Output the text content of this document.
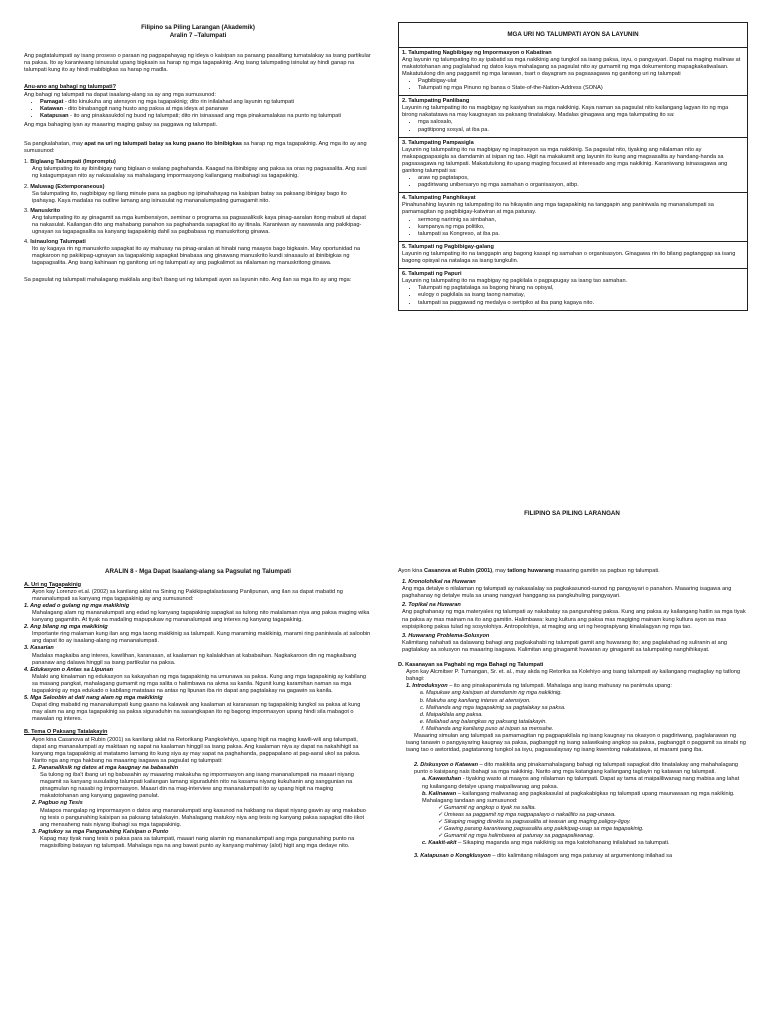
Filipino sa Piling Larangan (Akademik)
Aralin 7 –Talumpati

Ang pagtatalumpati ay isang proseso o paraan ng pagpapahayag ng ideya o kaisipan sa paraang pasalitang tumatalakay sa isang partikular na paksa. Ito ay karaniwang isinusulat upang bigkasin sa harap ng mga tagapakinig. Ang isang talumpating isinulat ay hindi ganap na talumpati kung ito ay hindi mabibigkas sa harap ng madla.

Anu-ano ang bahagi ng talumpati?

Ang bahagi ng talumpati na dapat isaalang-alang sa ay ang mga sumusunod:

• Pamagat - dito kinukuha ang atensyon ng mga tagapakinig; dito rin inilalahad ang layunin ng talumpati
• Katawan - dito binabanggit nang husto ang paksa at mga ideya at pananaw
• Katapusan - ito ang pinakasukdol ng buod ng talumpati; dito rin isinasaad ang mga pinakamalakas na punto ng talumpati

Ang mga bahaging iyan ay maaaring maging gabay sa paggawa ng talumpati.

Sa pangkalahatan, may apat na uri ng talumpati batay sa kung paano ito binibigkas sa harap ng mga tagapakinig. Ang mga ito ay ang sumusunod:

1. Biglaang Talumpati (Impromptu)
Ang talumpating ito ay ibinibigay nang biglaan o walang paghahanda. Kaagad na ibinibigay ang paksa sa oras ng pagsasalita. Ang susi ng katagumpayan nito ay nakasalalay sa mahalagang impormasyong kailangang maibahagi sa tagapakinig.
2. Maluwag (Extemporaneous)
Sa talumpating ito, nagbibigay ng ilang minute para sa pagbuo ng ipinahahayag na kaisipan batay sa paksang ibinigay bago ito ipahayag. Kaya madalas na outline lamang ang isinusulat ng mananalumpating gumagamit nito.
3. Manuskrito
Ang talumpating ito ay ginagamit sa mga kumbensiyon, seminar o programa sa pagsasaliksik kaya pinag-aaralan itong mabuti at dapat na nakasulat. Kailangan dito ang mahabang panahon sa paghahanda sapagkat ito ay itinala. Karaniwan ay nawawala ang pakikipag-ugnayan sa tagapagsalita sa kanyang tagapakinig dahil sa pagbabasa ng manuskritong ginawa.
4. Isinaulong Talumpati
Ito ay kagaya rin ng manuskrito sapagkat ito ay mahusay na pinag-aralan at hinabi nang maayos bago bigkasin. May oportunidad na magkaroon ng pakikipag-ugnayan sa tagapakinig sapagkat binabasa ang ginawang manuskrito kundi sinasaulo at ibinibigkas ng tagapagsalita. Ang isang kahinaan ng ganitong uri ng talumpati ay ang pagkalimot sa nilalaman ng manuskritong ginawa.

Sa pagsulat ng talumpati mahalagang makilala ang iba't ibang uri ng talumpati ayon sa layunin nito. Ang ilan sa mga ito ay ang mga:

MGA URI NG TALUMPATI AYON SA LAYUNIN
1. Talumpating Nagbibigay ng Impormasyon o Kabatiran
Ang layunin ng talumpating ito ay ipabatid sa mga nakikinig ang tungkol sa isang paksa, isyu, o pangyayari. Dapat na maging malinaw at makatotohanan ang paglalahad ng datos kaya mahalagang sa pagsulat nito ay gumamit ng mga dokumentong mapagkakatiwalaan. Makatutulong din ang paggamit ng mga larawan, tsart o dayagram sa pagsasagawa ng ganitong uri ng talumpati
• Pagbibigay-ulat
• Talumpati ng mga Pinuno ng bansa o State-of-the-Nation-Address (SONA)
2. Talumpating Panlibang
Layunin ng talumpating ito na magbigay ng kasiyahan sa mga nakikinig. Kaya naman sa pagsulat nito kailangang lagyan ito ng mga birong nakatatawa na may kaugnayan sa paksang tinatalakay. Madalas ginagawa ang mga talumpating ito sa:
• mga salosalo,
• pagtitipong sosyal, at iba pa.
3. Talumpating Pampasigla
Layunin ng talumpating ito na magbigay ng inspirasyon sa mga nakikinig. Sa pagsulat nito, tiyaking ang nilalaman nito ay makapagpapasigla sa damdamin at isipan ng tao. Higit na makakamit ang layunin ito kung ang magsasalita ay handang-handa sa pagsasagawa ng talumpati. Makatutulong ito upang maging focused at interesado ang mga nakikinig. Karaniwang isinasagawa ang ganitong talumpati sa:
• araw ng pagtatapos,
• pagdiriwang unibersaryo ng mga samahan o organisasyon, atbp.
4. Talumpating Panghikayat
Pinahunahing layunin ng talumpating ito na hikayatin ang mga tagapakinig na tanggapin ang paniniwala ng mananalumpati sa pamamagitan ng pagbibigay-katwiran at mga patunay.
• sermong naririnig sa simbahan,
• kampanya ng mga politiko,
• talumpati sa Kongreso, at iba pa.
5. Talumpati ng Pagbibigay-galang
Layunin ng talumpating ito na tanggapin ang bagong kasapi ng samahan o organisasyon. Ginagawa rin ito bilang pagtanggap sa isang bagong opisyal na natalaga sa isang tungkulin.
6. Talumpati ng Papuri
Layunin ng talumpating ito na magbigay ng pagkilala o pagpupugay sa isang tao samahan.
• Talumpati ng pagtatalaga sa bagong hirang na opisyal,
• eulogy o pagkilala sa isang taong namatay,
• talumpati sa paggawad ng medalya o sertipiko at iba pang kagaya nito.
FILIPINO SA PILING LARANGAN
ARALIN 8 - Mga Dapat Isaalang-alang sa Pagsulat ng Talumpati
A. Uri ng Tagapakinig
Ayon kay Lorenzo et.al. (2002) sa kanilang aklat na Sining ng Pakikipagtalastasang Panlipunan, ang ilan sa dapat mabatid ng mananalumpati sa kanyang mga tagapakinig ay ang sumusunod:
1. Ang edad o gulang ng mga makikinig
Mahalagang alam ng mananalumpati ang edad ng kanyang tagapakinig sapagkat sa tulong nito malalaman niya ang paksa maging wika kanyang gagamitin. At tiyak na madaling mapupukaw ng mananalumpati ang interes ng kanyang tagapakinig.
2. Ang bilang ng mga makikinig
Importante ring malaman kung ilan ang mga taong makikinig sa talumpati. Kung maraming makikinig, marami ring paniniwala at saloobin ang dapat ito ay isaalang-alang ng mananalumpati.
3. Kasarian
Madalas magkaiba ang interes, kawilihan, karanasan, at kaalaman ng kalalakihan at kababaihan. Nagkakaroon din ng magkaibang pananaw ang dalawa hinggil sa isang partikular na paksa.
4. Edukasyon o Antas sa Lipunan
Malaki ang kinalaman ng edukasyon sa kakayahan ng mga tagapakinig na umunawa sa paksa. Kung ang mga tagapakinig ay kabilang sa masang pangkat, mahalagang gumamit ng mga salita o halimbawa na akma sa kanila. Ngunit kung karamihan naman sa mga tagapakinig ay mga edukado o kabilang matataas na antas ng lipunan iba rin dapat ang pagtalakay na gagawin sa kanila.
5. Mga Saloobin at dati nang alam ng mga makikinig
Dapat ding mabatid ng mananalumpati kung gaano na kalawak ang kaalaman at karanasan ng tagapakinig tungkol sa paksa at kung may alam na ang mga tagapakinig sa paksa siguraduhin na sasangkapan ito ng bagong impormasyon upang hindi sila mabagot o mawalan ng interes.
B. Tema O Paksang Tatalakayin
Ayon kina Casanova at Rubin (2001) sa kanilang aklat na Retorikang Pangkolehiyo, upang higit na maging kawili-wili ang talumpati, dapat ang mananalumpati ay makitaan ng sapat na kaalaman hinggil sa isang paksa. Ang kaalaman niya ay dapat na nakahihigit sa kanyang mga tagapakinig at matatamo lamang ito kung siya ay may sapat na paghahanda, pagpapalano at pag-aaral ukol sa paksa. Narito nga ang mga hakbang na maaaring isagawa sa pagsulat ng talumpati:
1. Pananaliksik ng datos at mga kaugnay na babasahin
Sa tulong ng iba't ibang uri ng babasahin ay maaaring makakuha ng impormasyon ang isang mananalumpati na maaari niyang magamit sa kanyang susulating talumpati kailangan lamang siguraduhin nito na kasama niyang kukuhanin ang sanggunian na pinagmulan ng nasabi ng impormasyon. Maaari din na mag-interview ang mananalumpati ito ay upang higit na maging makatotohanan ang kanyang gagawing panulat.
2. Pagbuo ng Tesis
Matapos mangalap ng impormasyon o datos ang mananalumpati ang kasunod na hakbang na dapat niyang gawin ay ang makabuo ng tesis o pangunahing kaisipan sa paksang tatalakayin. Mahalagang matukoy niya ang tesis ng kanyang paksa sapagkat dito iikot ang mensaheng nais niyang ibahagi sa mga tagapakinig.
3. Pagtukoy sa mga Pangunahing Kaisipan o Punto
Kapag may tiyak nang tesis o paksa para sa talumpati, maaari nang alamin ng mananalumpati ang mga pangunahing punto na magsisilbing batayan ng talumpati. Mahalaga nga na ang bawat punto ay kanyang mahimay (alot) higit ang mga dedaye nito.

Ayon kina Casanova at Rubin (2001), may tatlong huwarang maaaring gamitin sa pagbuo ng talumpati.

1. Kronolohikal na Huwaran
Ang mga detalye o nilalaman ng talumpati ay nakasalalay sa pagkakasunod-sunod ng pangyayari o panahon. Maaaring isagawa ang paghahanay ng detalye mula sa unang nangyari hanggang sa pangkuhuling pangyayari.
2. Topikal na Huwaran
Ang paghahanay ng mga materyales ng talumpati ay nakabatay sa pangunahing paksa. Kung ang paksa ay kailangang hatiin sa mga tiyak na paksa ay mas mainam na ito ang gamitin. Halimbawa: kung kultura ang paksa mas magiging mainam kung kultura ayon sa mas espisipikong paksa tulad ng sosyolohiya. Antropolohiya, at maging ang uri ng heograpiyang kinalalagyan ng mga tao.
3. Huwarang Problema-Solusyon
Kalimitang nahahati sa dalawang bahagi ang pagkakahabi ng talumpati gamit ang huwarang ito; ang paglalahad ng suliranin at ang pagtalakay sa solusyon na maaaring isagawa. Kalimitan ang ginagamit huwaran ay ginagamit sa talumpating nanghihikayat.
D. Kasanayan sa Paghabi ng mga Bahagi ng Talumpati
Ayon kay Alcmitser P. Tumangan, Sr. et. al., may akda ng Retorika sa Kolehiyo ang isang talumpati ay kailangang magtaglay ng tatlong bahagi:
1. Introduksyon – ito ang pinakapanimula ng talumpati. Mahalaga ang isang mahusay na panimula upang:
a. Mapukaw ang kaisipan at damdamin ng mga nakikinig.
b. Makuha ang kanilang interes at atensiyon.
c. Maihanda ang mga tagapakinig sa pagtalakay sa paksa.
d. Maipakilala ang paksa.
e. Mailahad ang balangkas ng paksang tatalakayin.
f. Maihanda ang kanilang puso at isipan sa mensahe.
Maaaring simulan ang talumpati sa pamamagitan ng pagpapakilala ng isang kaugnay na okasyon o pagdiriwang, paglalarawan ng isang tanawin o pangyayaring kaugnay sa paksa, pagbanggit ng isang salawikaing angkop sa paksa, pagbanggit o paggamit sa sinabi ng isang tao o awtoridad, pagtatanong tungkol sa isyu, pagsasalaysay ng isang kwentong nakatatawa, at marami pang iba.
2. Diskusyon o Katawan – dito makikita ang pinakamahalagang bahagi ng talumpati sapagkat dito tinatalakay ang mahahalagang punto o kaisipang nais ibahagi sa mga nakikinig. Narito ang mga katangiang kailangang taglayin ng katawan ng talumpati.
a. Kawastuhan - tiyaking wasto at maayos ang nilalaman ng talumpati. Dapat ay tama at maipaliliwanag nang mabisa ang lahat ng kailangang detalye upang maipaliwanag ang paksa.
b. Kalinawan – kailangang maliwanag ang pagkakasulat at pagkakabigkas ng talumpati upang maunawaan ng mga nakikinig. Mahalagang tandaan ang sumusunod:
✓ Gumamit ng angkop o tiyak na salita.
✓ Umiwas sa paggamit ng mga nagpapalayo o nakalilito sa pag-unawa.
✓ Sikaping maging direkta sa pagsasalita at iwasan ang maging paligoy-ligoy.
✓ Gawing parang karaniwang pagsasalita ang pakikipag-usap sa mga tagapakinig.
✓ Gumamit ng mga halimbawa at patunay sa pagpapaliwanag.
c. Kaakit-akit – Sikaping maganda ang mga nakikinig sa mga katotohanang inilalahad sa talumpati.
3. Katapusan o Kongklusyon – dito kalimitang nilalagom ang mga patunay at argumentong inilahad sa
